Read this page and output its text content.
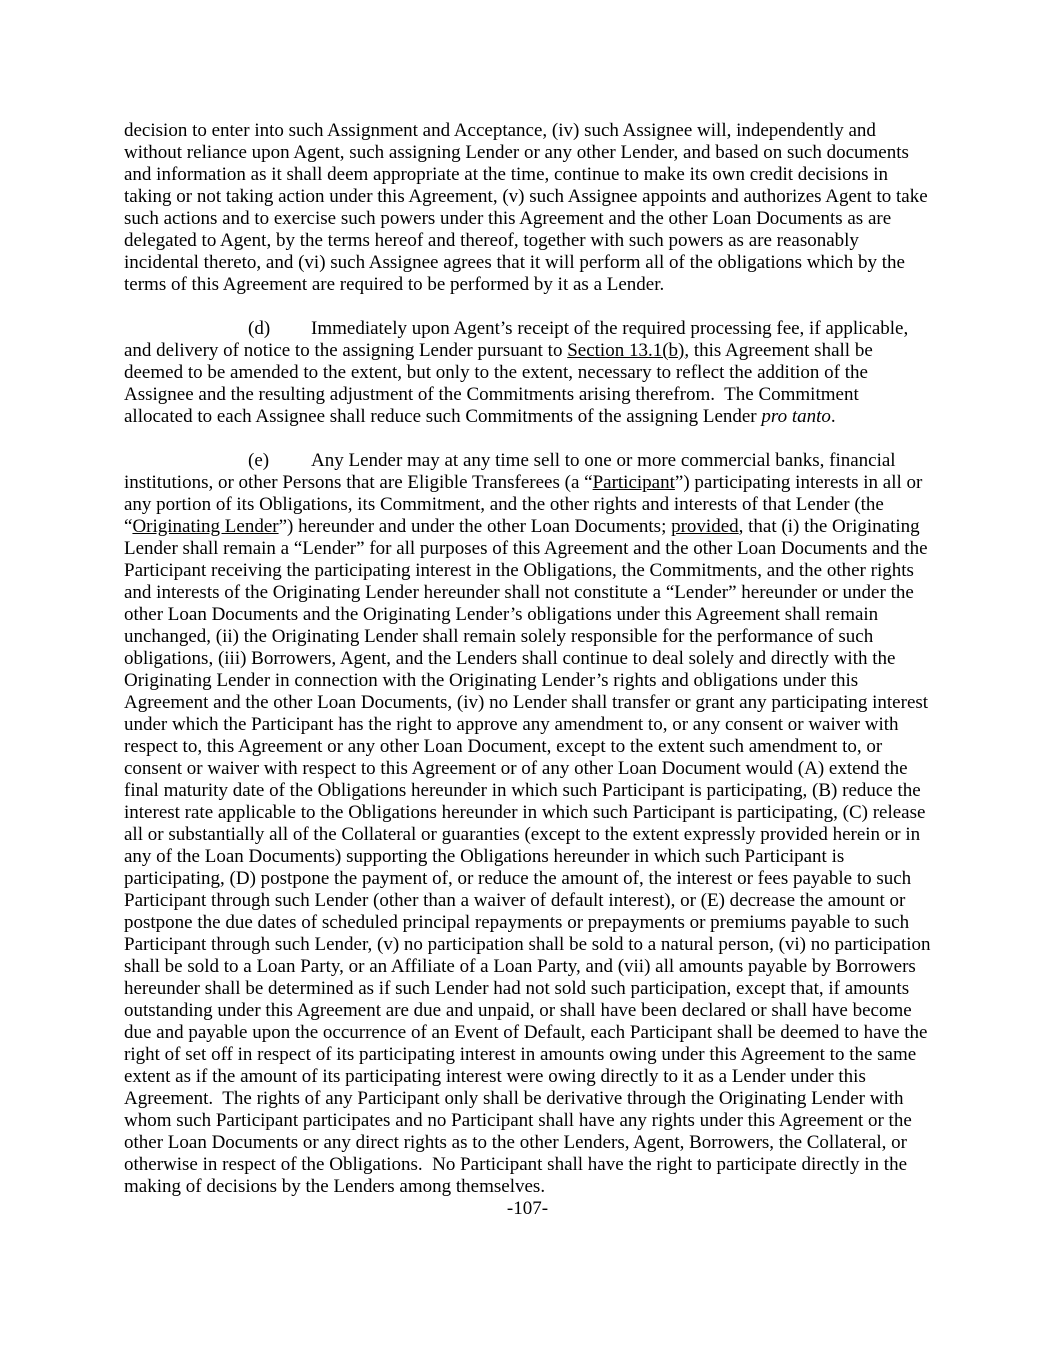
decision to enter into such Assignment and Acceptance, (iv) such Assignee will, independently and without reliance upon Agent, such assigning Lender or any other Lender, and based on such documents and information as it shall deem appropriate at the time, continue to make its own credit decisions in taking or not taking action under this Agreement, (v) such Assignee appoints and authorizes Agent to take such actions and to exercise such powers under this Agreement and the other Loan Documents as are delegated to Agent, by the terms hereof and thereof, together with such powers as are reasonably incidental thereto, and (vi) such Assignee agrees that it will perform all of the obligations which by the terms of this Agreement are required to be performed by it as a Lender.

(d) Immediately upon Agent’s receipt of the required processing fee, if applicable, and delivery of notice to the assigning Lender pursuant to Section 13.1(b), this Agreement shall be deemed to be amended to the extent, but only to the extent, necessary to reflect the addition of the Assignee and the resulting adjustment of the Commitments arising therefrom.  The Commitment allocated to each Assignee shall reduce such Commitments of the assigning Lender pro tanto.

(e) Any Lender may at any time sell to one or more commercial banks, financial institutions, or other Persons that are Eligible Transferees (a “Participant”) participating interests in all or any portion of its Obligations, its Commitment, and the other rights and interests of that Lender (the “Originating Lender”) hereunder and under the other Loan Documents; provided, that (i) the Originating Lender shall remain a “Lender” for all purposes of this Agreement and the other Loan Documents and the Participant receiving the participating interest in the Obligations, the Commitments, and the other rights and interests of the Originating Lender hereunder shall not constitute a “Lender” hereunder or under the other Loan Documents and the Originating Lender’s obligations under this Agreement shall remain unchanged, (ii) the Originating Lender shall remain solely responsible for the performance of such obligations, (iii) Borrowers, Agent, and the Lenders shall continue to deal solely and directly with the Originating Lender in connection with the Originating Lender’s rights and obligations under this Agreement and the other Loan Documents, (iv) no Lender shall transfer or grant any participating interest under which the Participant has the right to approve any amendment to, or any consent or waiver with respect to, this Agreement or any other Loan Document, except to the extent such amendment to, or consent or waiver with respect to this Agreement or of any other Loan Document would (A) extend the final maturity date of the Obligations hereunder in which such Participant is participating, (B) reduce the interest rate applicable to the Obligations hereunder in which such Participant is participating, (C) release all or substantially all of the Collateral or guaranties (except to the extent expressly provided herein or in any of the Loan Documents) supporting the Obligations hereunder in which such Participant is participating, (D) postpone the payment of, or reduce the amount of, the interest or fees payable to such Participant through such Lender (other than a waiver of default interest), or (E) decrease the amount or postpone the due dates of scheduled principal repayments or prepayments or premiums payable to such Participant through such Lender, (v) no participation shall be sold to a natural person, (vi) no participation shall be sold to a Loan Party, or an Affiliate of a Loan Party, and (vii) all amounts payable by Borrowers hereunder shall be determined as if such Lender had not sold such participation, except that, if amounts outstanding under this Agreement are due and unpaid, or shall have been declared or shall have become due and payable upon the occurrence of an Event of Default, each Participant shall be deemed to have the right of set off in respect of its participating interest in amounts owing under this Agreement to the same extent as if the amount of its participating interest were owing directly to it as a Lender under this Agreement.  The rights of any Participant only shall be derivative through the Originating Lender with whom such Participant participates and no Participant shall have any rights under this Agreement or the other Loan Documents or any direct rights as to the other Lenders, Agent, Borrowers, the Collateral, or otherwise in respect of the Obligations.  No Participant shall have the right to participate directly in the making of decisions by the Lenders among themselves.

-107-
